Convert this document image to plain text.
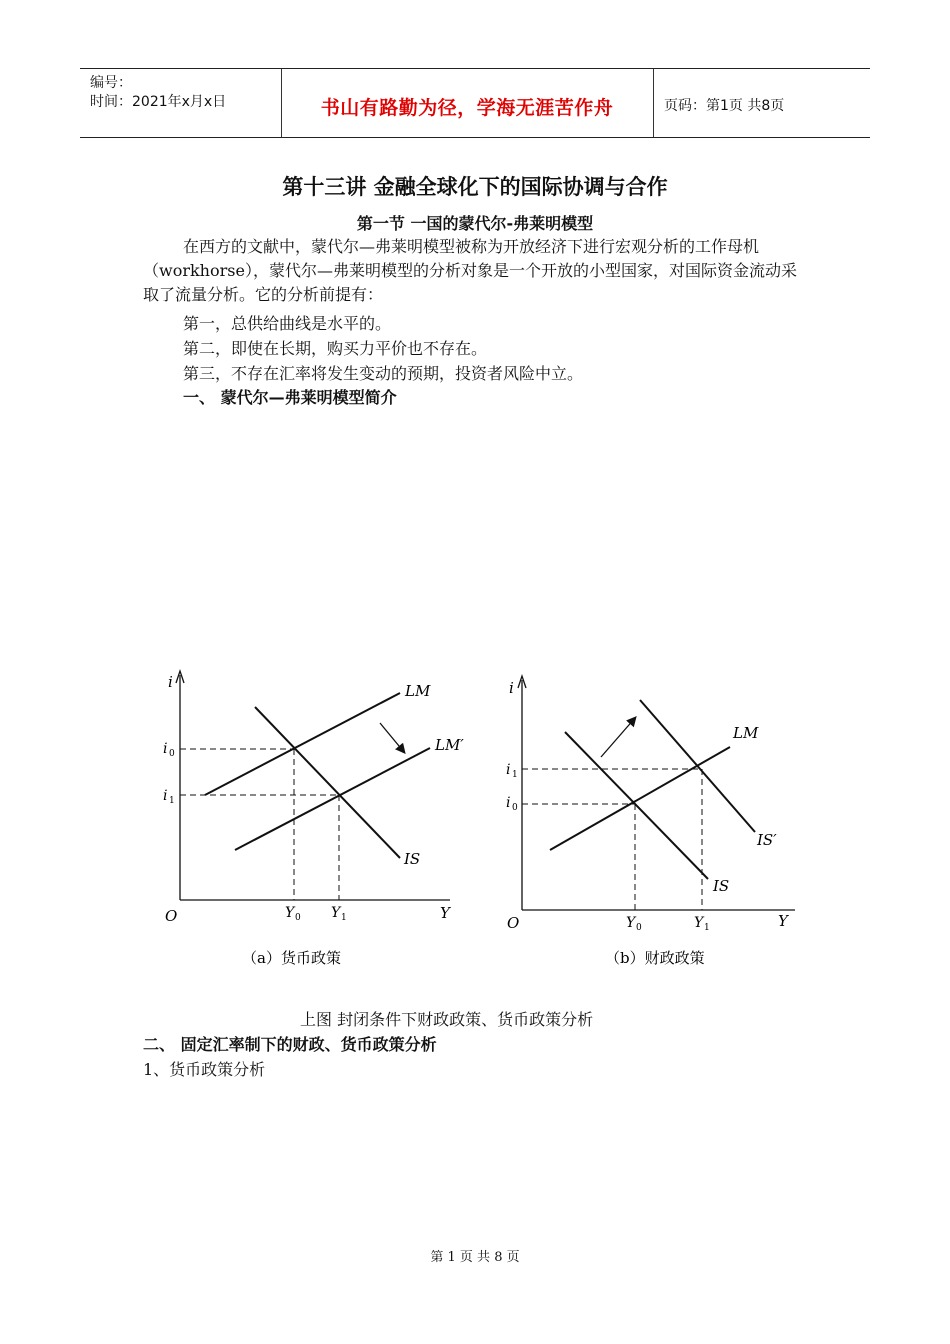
编号：
时间：2021年x月x日	书山有路勤为径，学海无涯苦作舟	页码：第1页 共8页
第十三讲 金融全球化下的国际协调与合作
第一节 一国的蒙代尔-弗莱明模型
在西方的文献中，蒙代尔—弗莱明模型被称为开放经济下进行宏观分析的工作母机（workhorse），蒙代尔—弗莱明模型的分析对象是一个开放的小型国家，对国际资金流动采取了流量分析。它的分析前提有：
第一，总供给曲线是水平的。
第二，即使在长期，购买力平价也不存在。
第三，不存在汇率将发生变动的预期，投资者风险中立。
一、 蒙代尔—弗莱明模型简介
i
Y
O
i 0
i 1
Y 0 Y 1
LM
LM′
IS
（a）货币政策
i
Y
O
i 1
i 0
Y 0	Y 1
LM
IS
IS′
（b）财政政策
上图 封闭条件下财政政策、货币政策分析
二、 固定汇率制下的财政、货币政策分析
1、货币政策分析
第 1 页 共 8 页
